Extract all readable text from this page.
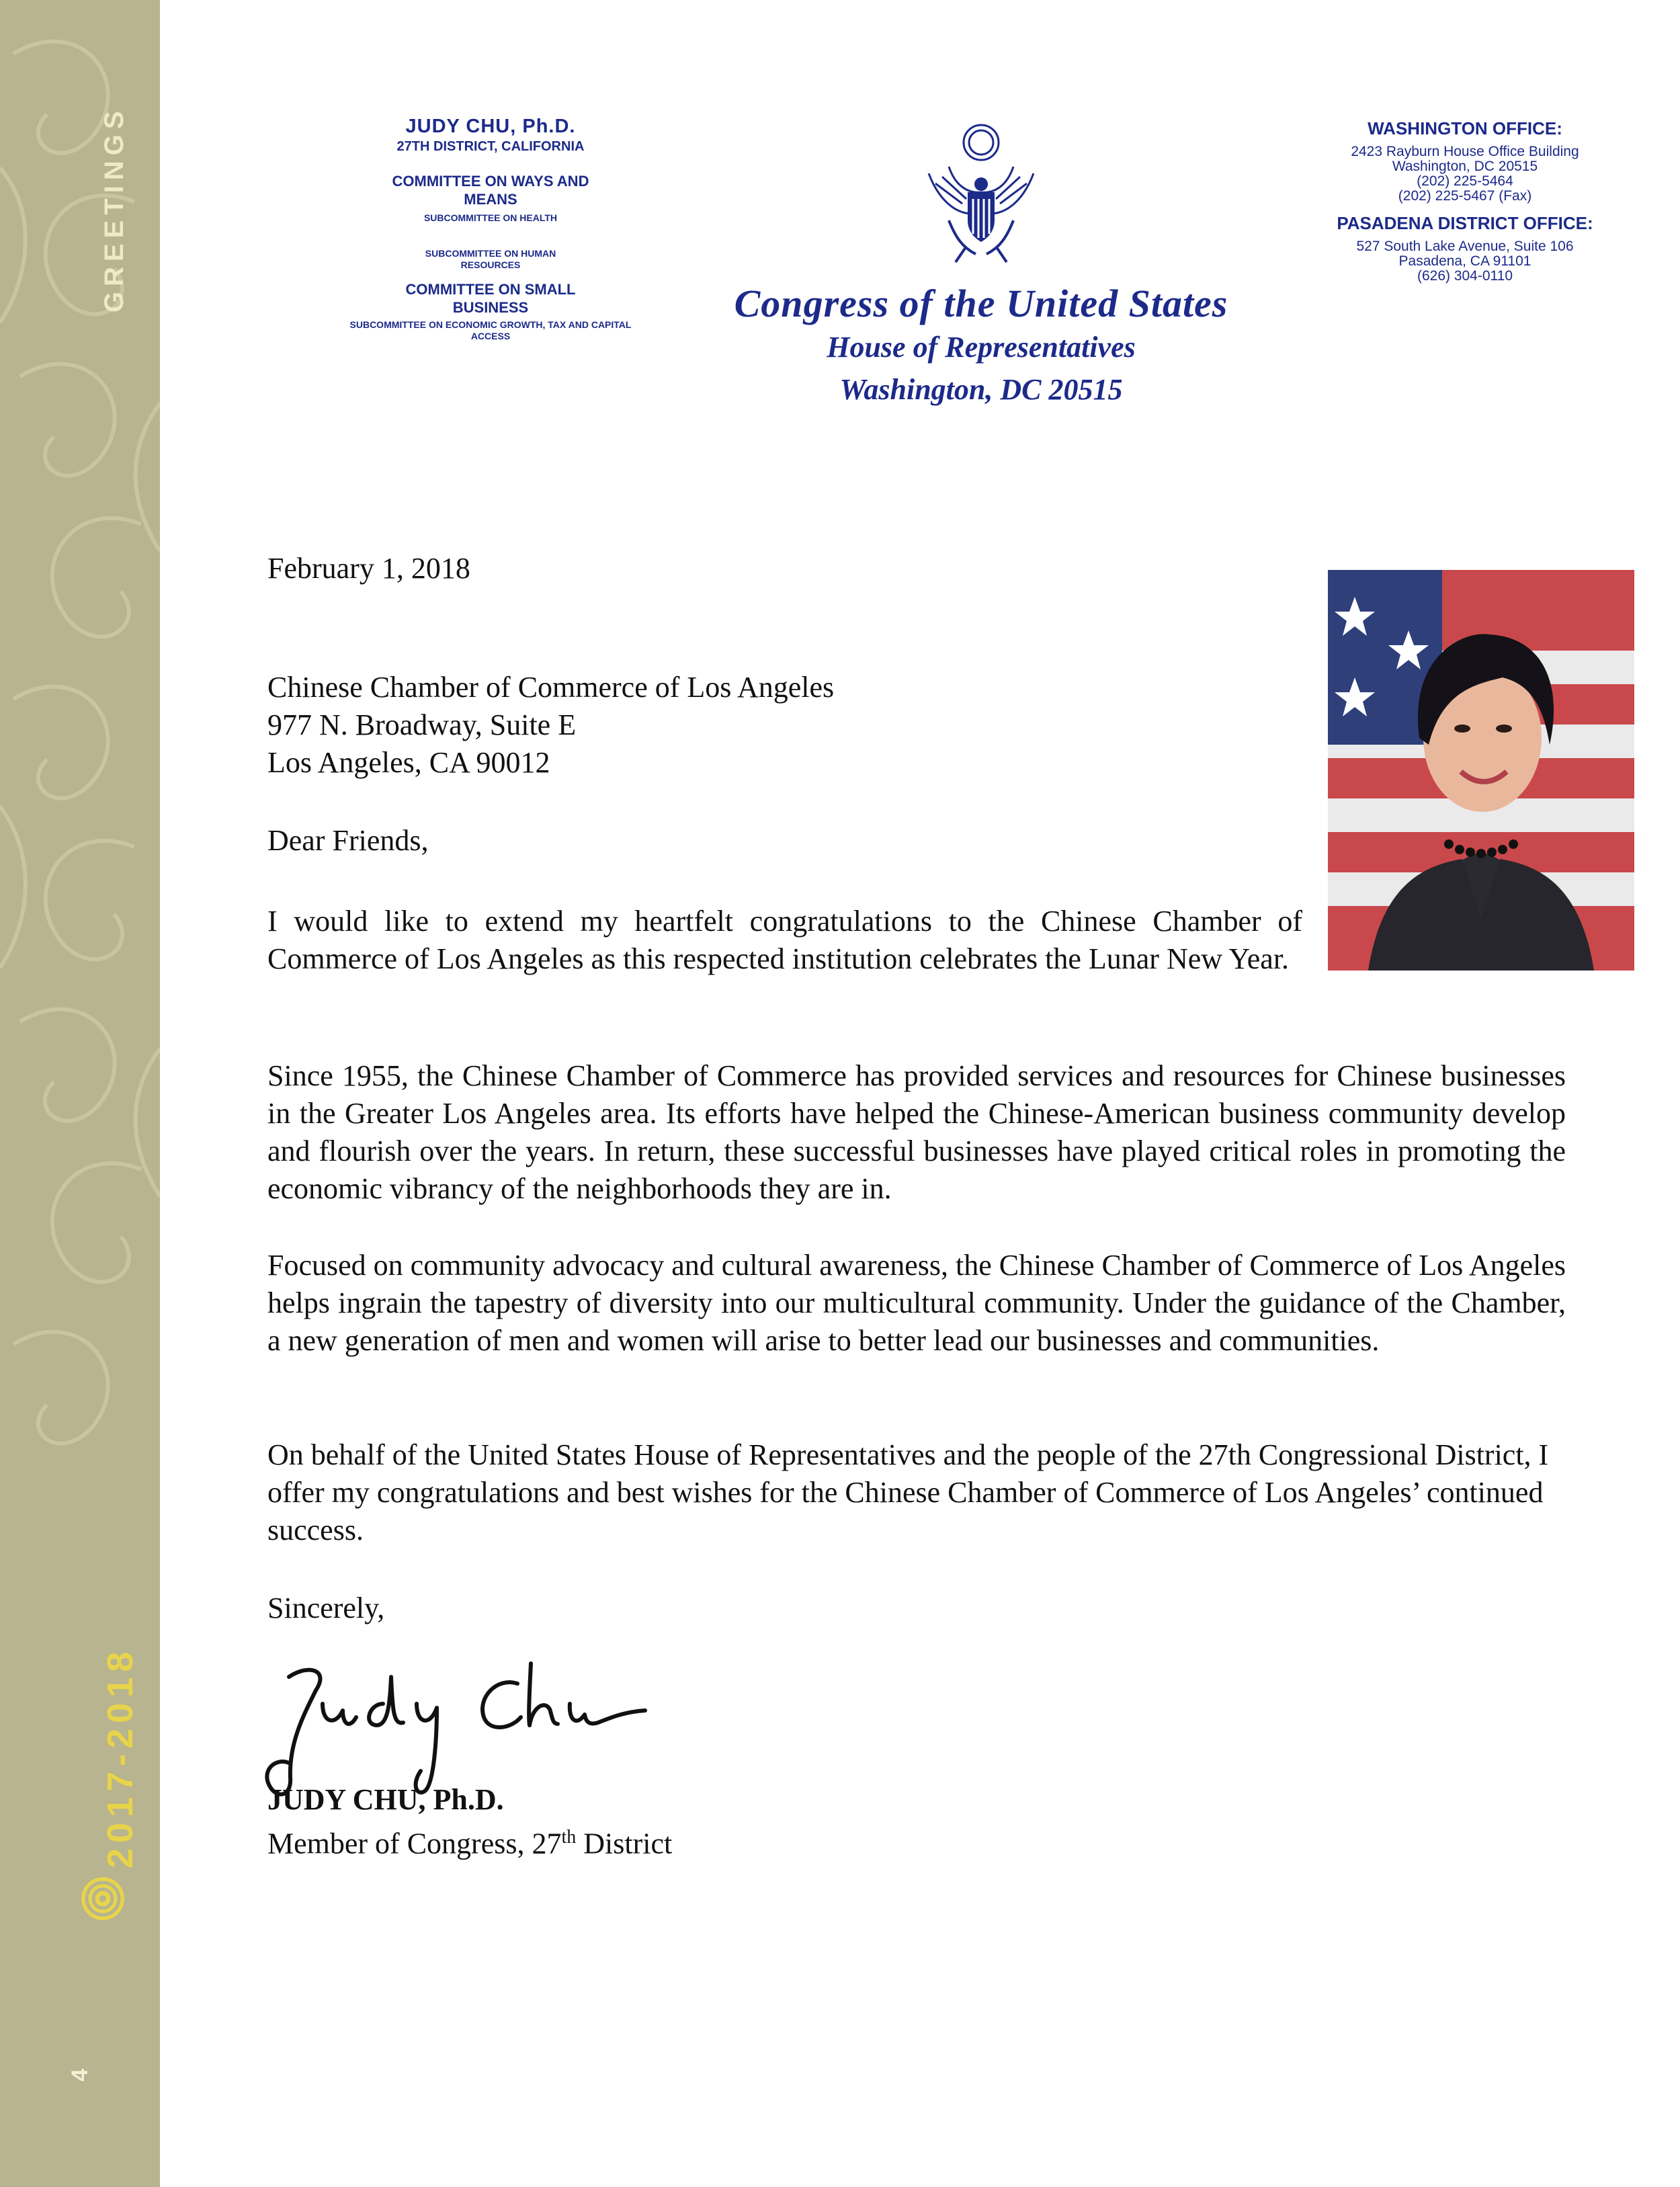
GREETINGS
2017-2018
4
JUDY CHU, Ph.D.
27TH DISTRICT, CALIFORNIA
COMMITTEE ON WAYS AND MEANS
SUBCOMMITTEE ON HEALTH
SUBCOMMITTEE ON HUMAN RESOURCES
COMMITTEE ON SMALL BUSINESS
SUBCOMMITTEE ON ECONOMIC GROWTH, TAX AND CAPITAL ACCESS
Congress of the United States
House of Representatives
Washington, DC 20515
WASHINGTON OFFICE:
2423 Rayburn House Office Building
Washington, DC 20515
(202) 225-5464
(202) 225-5467 (Fax)
PASADENA DISTRICT OFFICE:
527 South Lake Avenue, Suite 106
Pasadena, CA 91101
(626) 304-0110
February 1, 2018
Chinese Chamber of Commerce of Los Angeles
977 N. Broadway, Suite E
Los Angeles, CA 90012
Dear Friends,
I would like to extend my heartfelt congratulations to the Chinese Chamber of Commerce of Los Angeles as this respected institution celebrates the Lunar New Year.
Since 1955, the Chinese Chamber of Commerce has provided services and resources for Chinese businesses in the Greater Los Angeles area. Its efforts have helped the Chinese-American business community develop and flourish over the years. In return, these successful businesses have played critical roles in promoting the economic vibrancy of the neighborhoods they are in.
Focused on community advocacy and cultural awareness, the Chinese Chamber of Commerce of Los Angeles helps ingrain the tapestry of diversity into our multicultural community. Under the guidance of the Chamber, a new generation of men and women will arise to better lead our businesses and communities.
On behalf of the United States House of Representatives and the people of the 27th Congressional District, I offer my congratulations and best wishes for the Chinese Chamber of Commerce of Los Angeles’ continued success.
Sincerely,
JUDY CHU, Ph.D.
Member of Congress, 27th District
